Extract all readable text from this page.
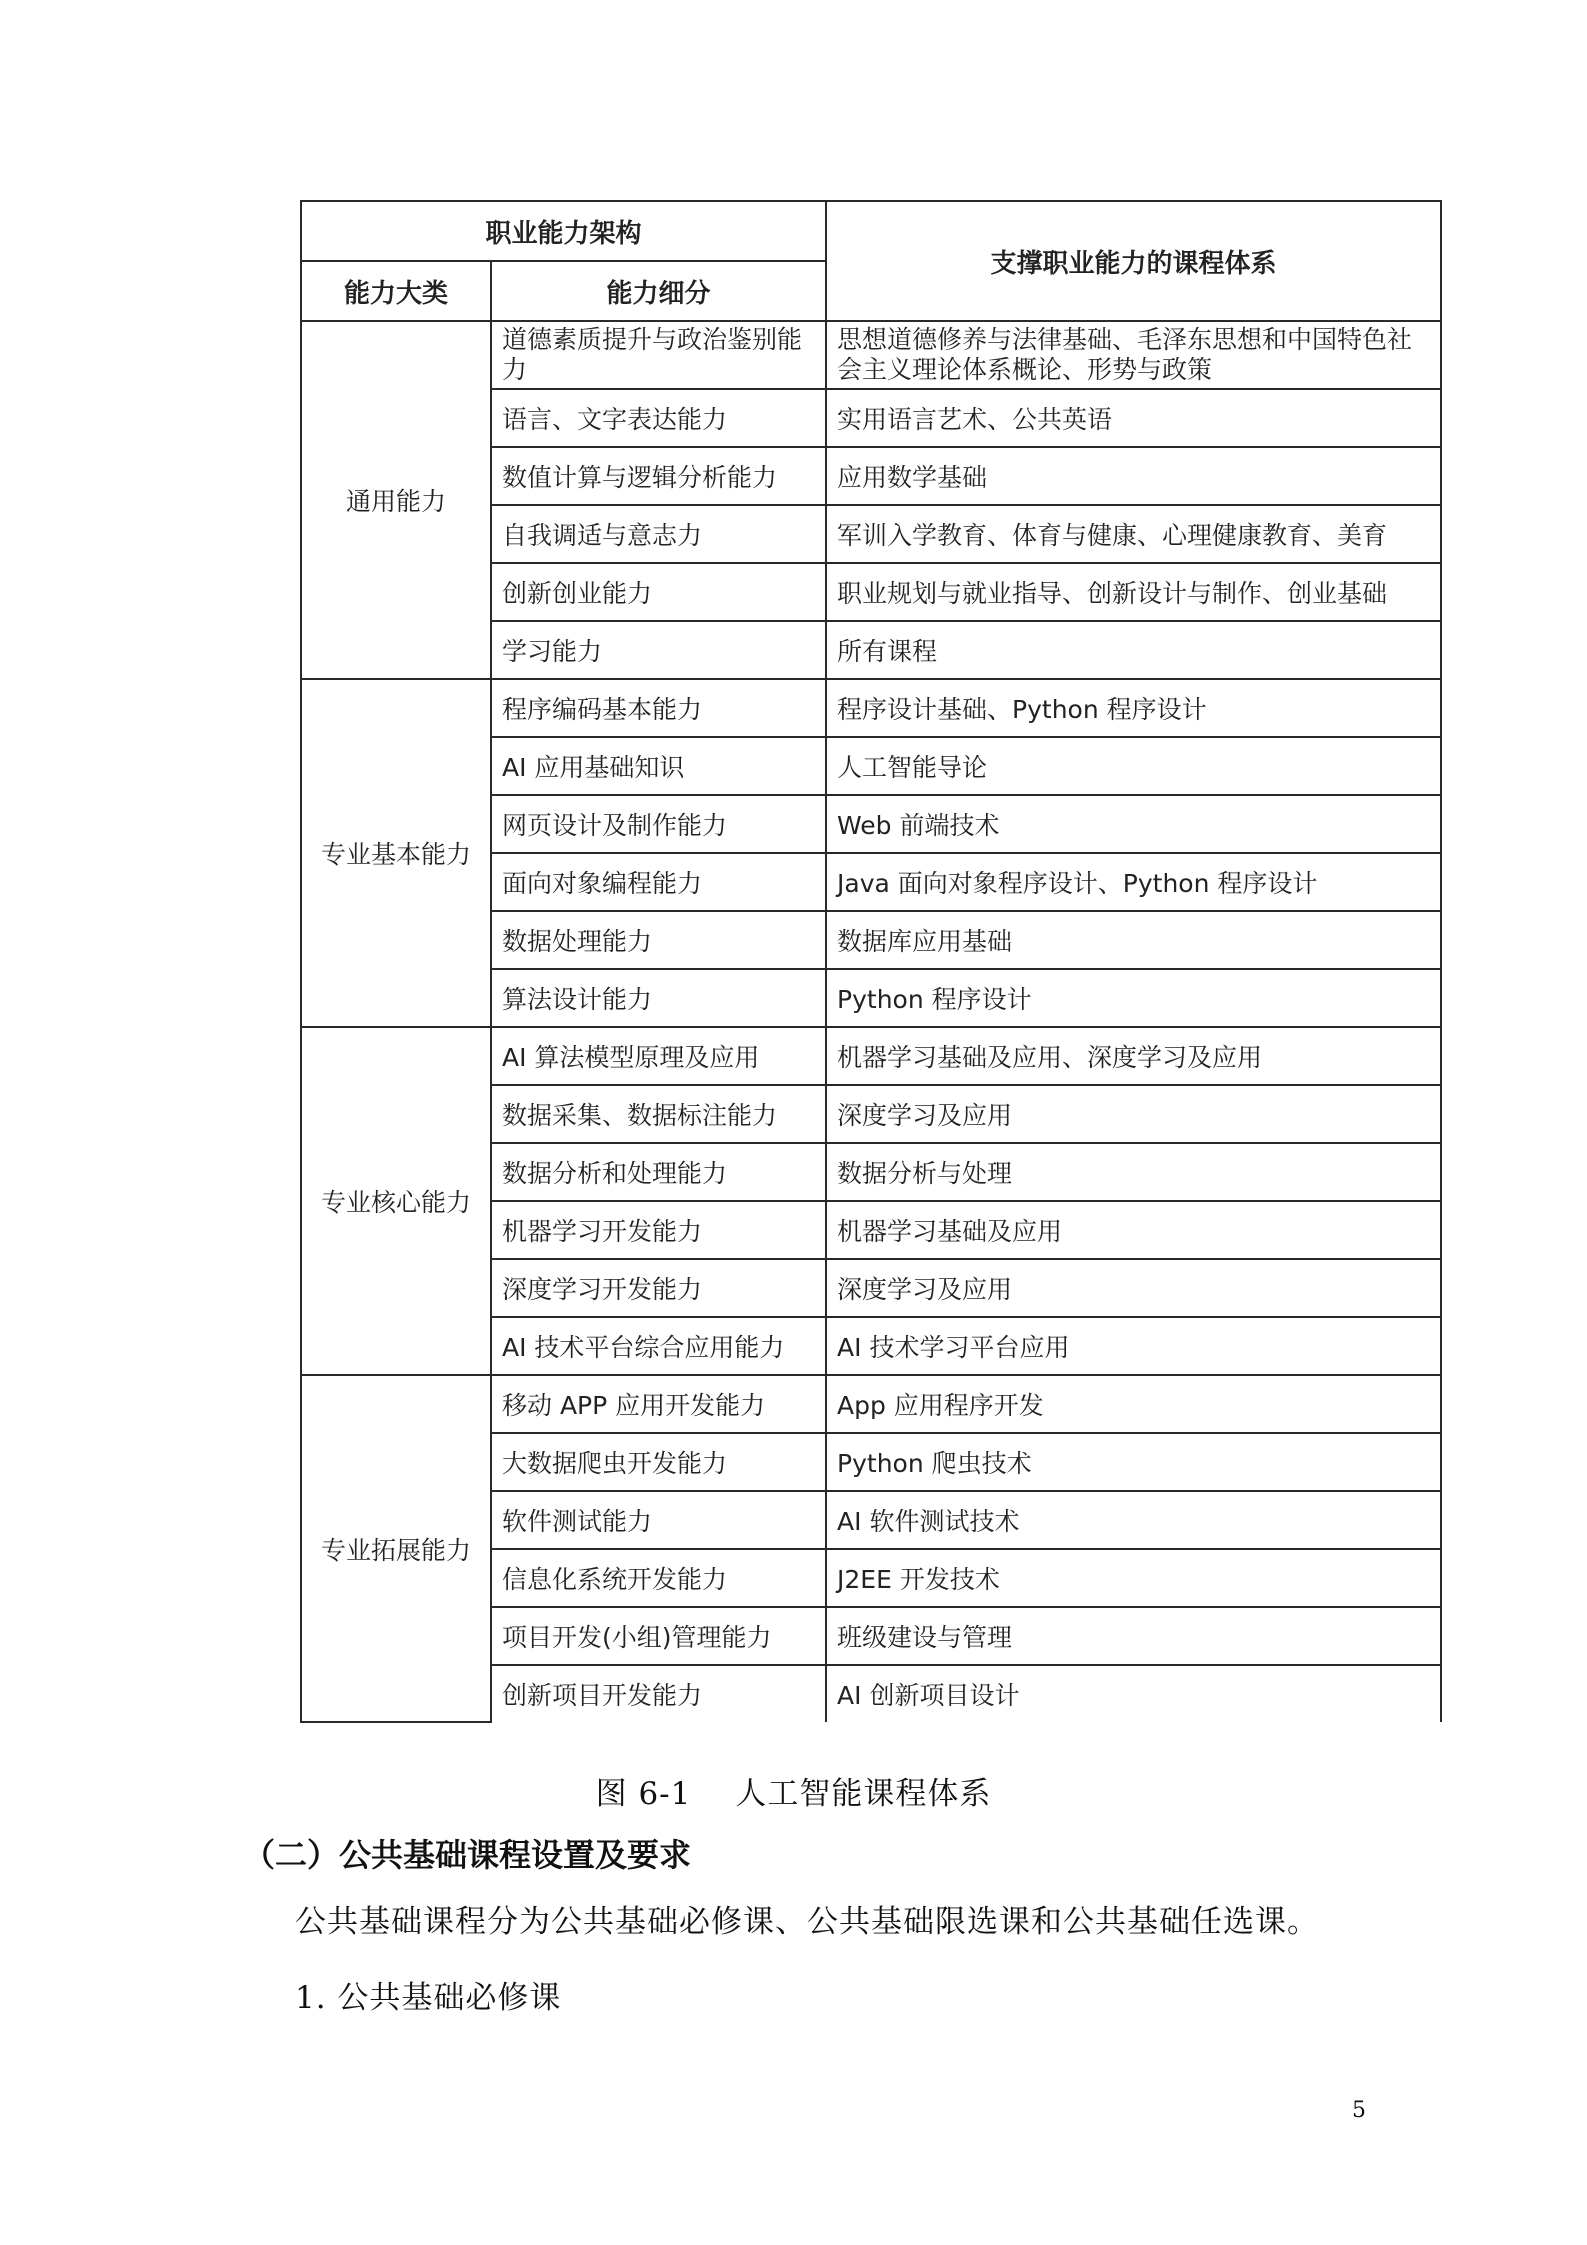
职业能力架构		支撑职业能力的课程体系
能力大类	能力细分	
通用能力	道德素质提升与政治鉴别能力	思想道德修养与法律基础、毛泽东思想和中国特色社会主义理论体系概论、形势与政策
	语言、文字表达能力	实用语言艺术、公共英语
	数值计算与逻辑分析能力	应用数学基础
	自我调适与意志力	军训入学教育、体育与健康、心理健康教育、美育
	创新创业能力	职业规划与就业指导、创新设计与制作、创业基础
	学习能力	所有课程
专业基本能力	程序编码基本能力	程序设计基础、Python 程序设计
	AI 应用基础知识	人工智能导论
	网页设计及制作能力	Web 前端技术
	面向对象编程能力	Java 面向对象程序设计、Python 程序设计
	数据处理能力	数据库应用基础
	算法设计能力	Python 程序设计
专业核心能力	AI 算法模型原理及应用	机器学习基础及应用、深度学习及应用
	数据采集、数据标注能力	深度学习及应用
	数据分析和处理能力	数据分析与处理
	机器学习开发能力	机器学习基础及应用
	深度学习开发能力	深度学习及应用
	AI 技术平台综合应用能力	AI 技术学习平台应用
专业拓展能力	移动 APP 应用开发能力	App 应用程序开发
	大数据爬虫开发能力	Python 爬虫技术
	软件测试能力	AI 软件测试技术
	信息化系统开发能力	J2EE 开发技术
	项目开发(小组)管理能力	班级建设与管理
	创新项目开发能力	AI 创新项目设计
图 6-1 人工智能课程体系
（二）公共基础课程设置及要求
公共基础课程分为公共基础必修课、公共基础限选课和公共基础任选课。
1. 公共基础必修课
5
